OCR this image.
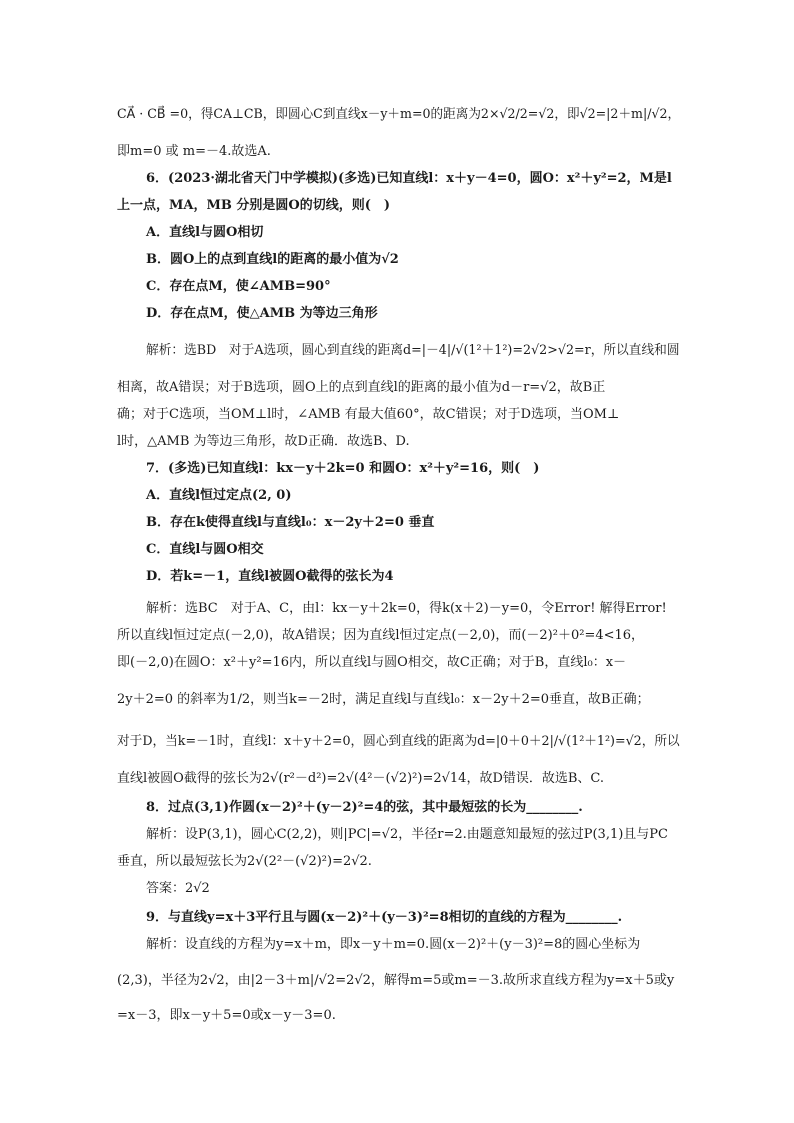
CA⃗ · CB⃗ =0，得CA⊥CB，即圆心C到直线x－y＋m=0的距离为2×√2/2=√2，即√2=|2＋m|/√2，
即m=0 或 m=－4.故选A.
6．(2023·湖北省天门中学模拟)(多选)已知直线l：x＋y－4=0，圆O：x²＋y²=2，M是l
上一点，MA，MB 分别是圆O的切线，则(　)
A．直线l与圆O相切
B．圆O上的点到直线l的距离的最小值为√2
C．存在点M，使∠AMB=90°
D．存在点M，使△AMB 为等边三角形
解析：选BD　对于A选项，圆心到直线的距离d=|－4|/√(1²＋1²)=2√2>√2=r，所以直线和圆
相离，故A错误；对于B选项，圆O上的点到直线l的距离的最小值为d－r=√2，故B正
确；对于C选项，当OM⊥l时，∠AMB 有最大值60°，故C错误；对于D选项，当OM⊥
l时，△AMB 为等边三角形，故D正确．故选B、D.
7．(多选)已知直线l：kx－y＋2k=0 和圆O：x²＋y²=16，则(　)
A．直线l恒过定点(2, 0)
B．存在k使得直线l与直线l₀：x－2y＋2=0 垂直
C．直线l与圆O相交
D．若k=－1，直线l被圆O截得的弦长为4
解析：选BC　对于A、C，由l：kx－y＋2k=0，得k(x＋2)－y=0，令Error! 解得Error!
所以直线l恒过定点(－2,0)，故A错误；因为直线l恒过定点(－2,0)，而(－2)²＋0²=4<16，
即(－2,0)在圆O：x²＋y²=16内，所以直线l与圆O相交，故C正确；对于B，直线l₀：x－
2y＋2=0 的斜率为1/2，则当k=－2时，满足直线l与直线l₀：x－2y＋2=0垂直，故B正确；
对于D，当k=－1时，直线l：x＋y＋2=0，圆心到直线的距离为d=|0＋0＋2|/√(1²＋1²)=√2，所以
直线l被圆O截得的弦长为2√(r²－d²)=2√(4²－(√2)²)=2√14，故D错误．故选B、C.
8．过点(3,1)作圆(x－2)²＋(y－2)²=4的弦，其中最短弦的长为________.
解析：设P(3,1)，圆心C(2,2)，则|PC|=√2，半径r=2.由题意知最短的弦过P(3,1)且与PC
垂直，所以最短弦长为2√(2²－(√2)²)=2√2.
答案：2√2
9．与直线y=x＋3平行且与圆(x－2)²＋(y－3)²=8相切的直线的方程为________.
解析：设直线的方程为y=x＋m，即x－y＋m=0.圆(x－2)²＋(y－3)²=8的圆心坐标为
(2,3)，半径为2√2，由|2－3＋m|/√2=2√2，解得m=5或m=－3.故所求直线方程为y=x＋5或y
=x－3，即x－y＋5=0或x－y－3=0.
